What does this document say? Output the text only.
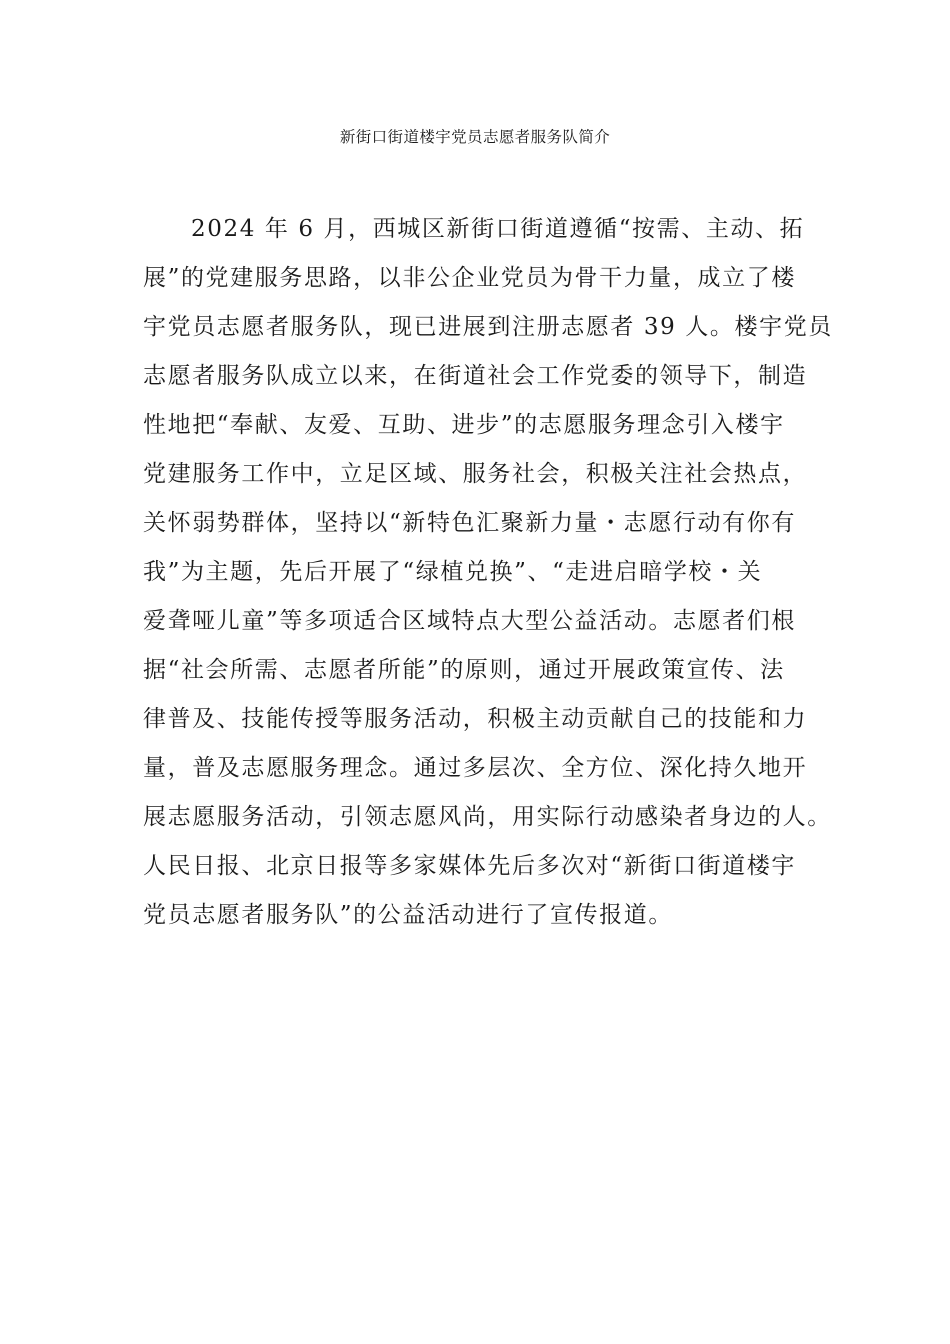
新街口街道楼宇党员志愿者服务队简介
2024 年 6 月，西城区新街口街道遵循“按需、主动、拓
展”的党建服务思路，以非公企业党员为骨干力量，成立了楼
宇党员志愿者服务队，现已进展到注册志愿者 39 人。楼宇党员
志愿者服务队成立以来，在街道社会工作党委的领导下，制造
性地把“奉献、友爱、互助、进步”的志愿服务理念引入楼宇
党建服务工作中，立足区域、服务社会，积极关注社会热点，
关怀弱势群体，坚持以“新特色汇聚新力量・志愿行动有你有
我”为主题，先后开展了“绿植兑换”、“走进启暗学校・关
爱聋哑儿童”等多项适合区域特点大型公益活动。志愿者们根
据“社会所需、志愿者所能”的原则，通过开展政策宣传、法
律普及、技能传授等服务活动，积极主动贡献自己的技能和力
量，普及志愿服务理念。通过多层次、全方位、深化持久地开
展志愿服务活动，引领志愿风尚，用实际行动感染者身边的人。
人民日报、北京日报等多家媒体先后多次对“新街口街道楼宇
党员志愿者服务队”的公益活动进行了宣传报道。
